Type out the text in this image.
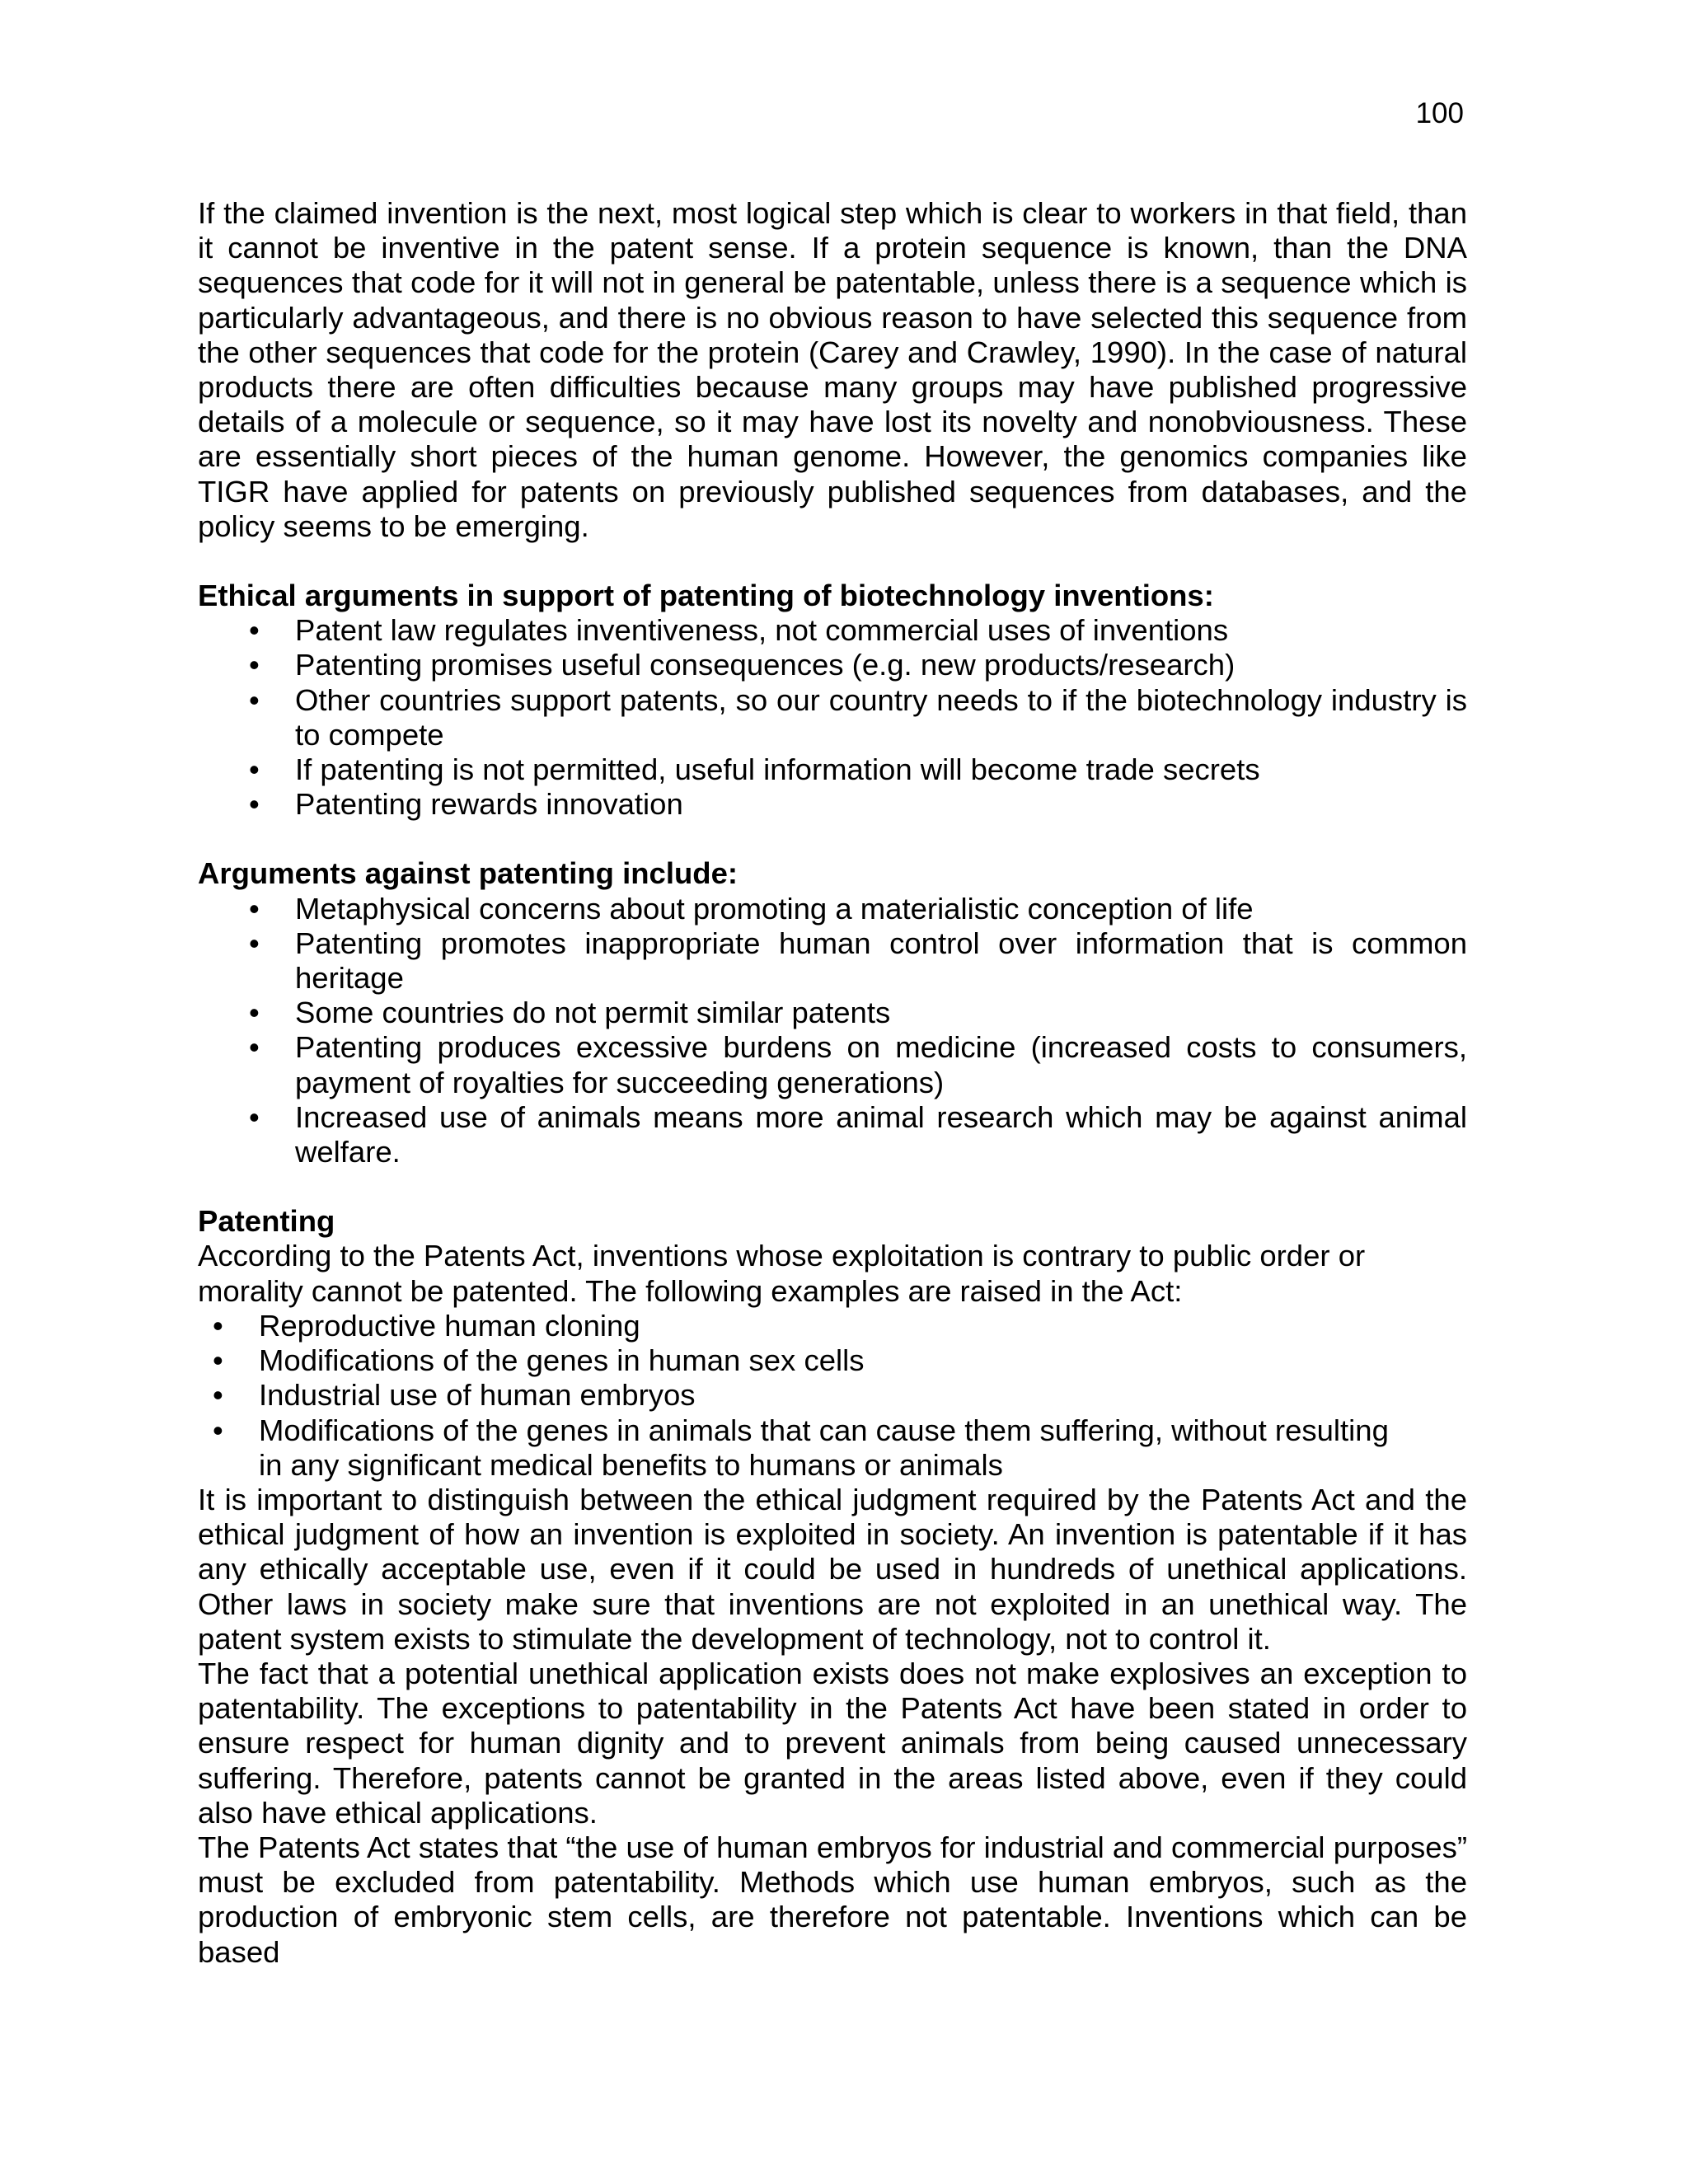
100

If the claimed invention is the next, most logical step which is clear to workers in that field, than it cannot be inventive in the patent sense. If a protein sequence is known, than the DNA sequences that code for it will not in general be patentable, unless there is a sequence which is particularly advantageous, and there is no obvious reason to have selected this sequence from the other sequences that code for the protein (Carey and Crawley, 1990). In the case of natural products there are often difficulties because many groups may have published progressive details of a molecule or sequence, so it may have lost its novelty and nonobviousness. These are essentially short pieces of the human genome. However, the genomics companies like TIGR have applied for patents on previously published sequences from databases, and the policy seems to be emerging.

Ethical arguments in support of patenting of biotechnology inventions:
• Patent law regulates inventiveness, not commercial uses of inventions
• Patenting promises useful consequences (e.g. new products/research)
• Other countries support patents, so our country needs to if the biotechnology industry is to compete
• If patenting is not permitted, useful information will become trade secrets
• Patenting rewards innovation
Arguments against patenting include:
• Metaphysical concerns about promoting a materialistic conception of life
• Patenting promotes inappropriate human control over information that is common heritage
• Some countries do not permit similar patents
• Patenting produces excessive burdens on medicine (increased costs to consumers, payment of royalties for succeeding generations)
• Increased use of animals means more animal research which may be against animal welfare.
Patenting

According to the Patents Act, inventions whose exploitation is contrary to public order or morality cannot be patented. The following examples are raised in the Act:

• Reproductive human cloning
• Modifications of the genes in human sex cells
• Industrial use of human embryos
• Modifications of the genes in animals that can cause them suffering, without resulting in any significant medical benefits to humans or animals

It is important to distinguish between the ethical judgment required by the Patents Act and the ethical judgment of how an invention is exploited in society. An invention is patentable if it has any ethically acceptable use, even if it could be used in hundreds of unethical applications. Other laws in society make sure that inventions are not exploited in an unethical way. The patent system exists to stimulate the development of technology, not to control it.

The fact that a potential unethical application exists does not make explosives an exception to patentability. The exceptions to patentability in the Patents Act have been stated in order to ensure respect for human dignity and to prevent animals from being caused unnecessary suffering. Therefore, patents cannot be granted in the areas listed above, even if they could also have ethical applications.

The Patents Act states that “the use of human embryos for industrial and commercial purposes” must be excluded from patentability. Methods which use human embryos, such as the production of embryonic stem cells, are therefore not patentable. Inventions which can be based
